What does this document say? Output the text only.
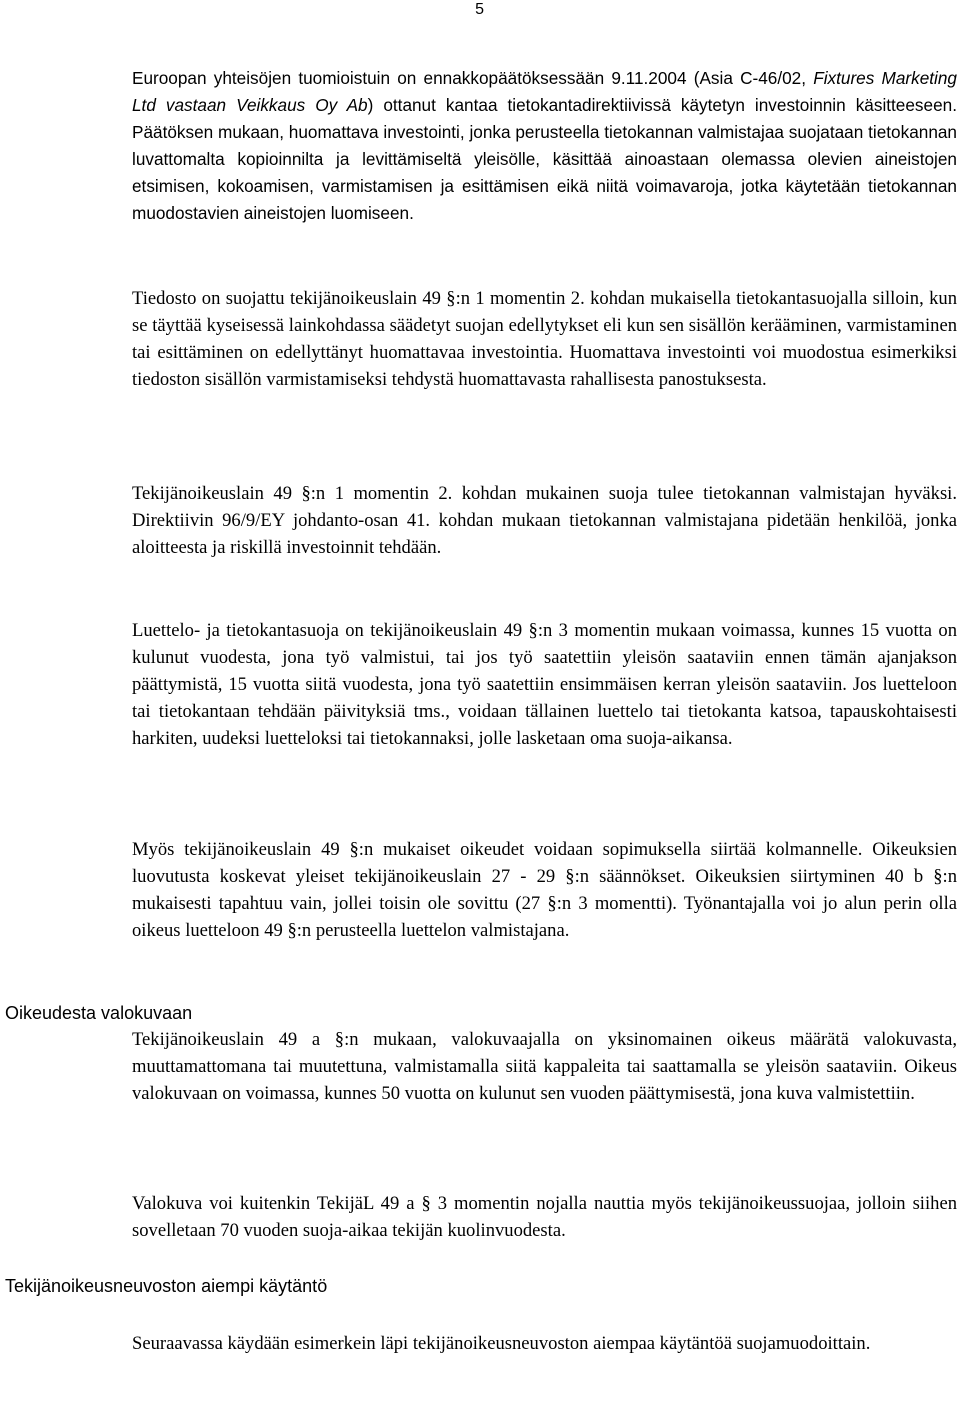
5

Euroopan yhteisöjen tuomioistuin on ennakkopäätöksessään 9.11.2004 (Asia C-46/02, Fixtures Marketing Ltd vastaan Veikkaus Oy Ab) ottanut kantaa tietokantadirektiivissä käytetyn investoinnin käsitteeseen. Päätöksen mukaan, huomattava investointi, jonka perusteella tietokannan valmistajaa suojataan tietokannan luvattomalta kopioinnilta ja levittämiseltä yleisölle, käsittää ainoastaan olemassa olevien aineistojen etsimisen, kokoamisen, varmistamisen ja esittämisen eikä niitä voimavaroja, jotka käytetään tietokannan muodostavien aineistojen luomiseen.

Tiedosto on suojattu tekijänoikeuslain 49 §:n 1 momentin 2. kohdan mukaisella tietokantasuojalla silloin, kun se täyttää kyseisessä lainkohdassa säädetyt suojan edellytykset eli kun sen sisällön kerääminen, varmistaminen tai esittäminen on edellyttänyt huomattavaa investointia. Huomattava investointi voi muodostua esimerkiksi tiedoston sisällön varmistamiseksi tehdystä huomattavasta rahallisesta panostuksesta.

Tekijänoikeuslain 49 §:n 1 momentin 2. kohdan mukainen suoja tulee tietokannan valmistajan hyväksi. Direktiivin 96/9/EY johdanto-osan 41. kohdan mukaan tietokannan valmistajana pidetään henkilöä, jonka aloitteesta ja riskillä investoinnit tehdään.

Luettelo- ja tietokantasuoja on tekijänoikeuslain 49 §:n 3 momentin mukaan voimassa, kunnes 15 vuotta on kulunut vuodesta, jona työ valmistui, tai jos työ saatettiin yleisön saataviin ennen tämän ajanjakson päättymistä, 15 vuotta siitä vuodesta, jona työ saatettiin ensimmäisen kerran yleisön saataviin. Jos luetteloon tai tietokantaan tehdään päivityksiä tms., voidaan tällainen luettelo tai tietokanta katsoa, tapauskohtaisesti harkiten, uudeksi luetteloksi tai tietokannaksi, jolle lasketaan oma suoja-aikansa.

Myös tekijänoikeuslain 49 §:n mukaiset oikeudet voidaan sopimuksella siirtää kolmannelle. Oikeuksien luovutusta koskevat yleiset tekijänoikeuslain 27 - 29 §:n säännökset. Oikeuksien siirtyminen 40 b §:n mukaisesti tapahtuu vain, jollei toisin ole sovittu (27 §:n 3 momentti). Työnantajalla voi jo alun perin olla oikeus luetteloon 49 §:n perusteella luettelon valmistajana.

Oikeudesta valokuvaan

Tekijänoikeuslain 49 a §:n mukaan, valokuvaajalla on yksinomainen oikeus määrätä valokuvasta, muuttamattomana tai muutettuna, valmistamalla siitä kappaleita tai saattamalla se yleisön saataviin. Oikeus valokuvaan on voimassa, kunnes 50 vuotta on kulunut sen vuoden päättymisestä, jona kuva valmistettiin.

Valokuva voi kuitenkin TekijäL 49 a § 3 momentin nojalla nauttia myös tekijänoikeussuojaa, jolloin siihen sovelletaan 70 vuoden suoja-aikaa tekijän kuolinvuodesta.

Tekijänoikeusneuvoston aiempi käytäntö

Seuraavassa käydään esimerkein läpi tekijänoikeusneuvoston aiempaa käytäntöä suojamuodoittain.
